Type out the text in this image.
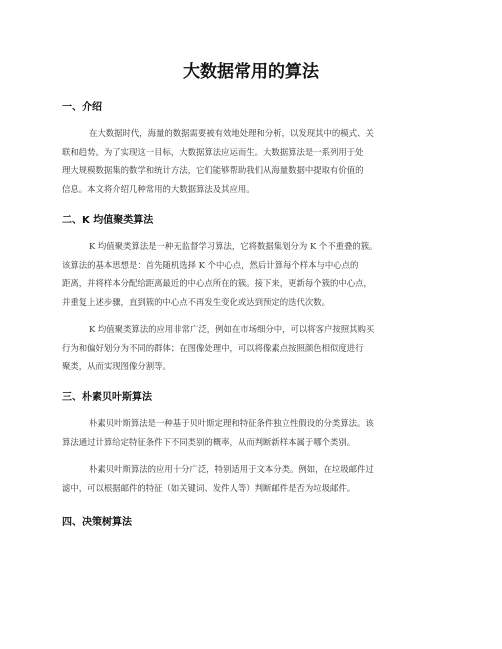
大数据常用的算法
一、介绍

在大数据时代，海量的数据需要被有效地处理和分析，以发现其中的模式、关
联和趋势。为了实现这一目标，大数据算法应运而生。大数据算法是一系列用于处
理大规模数据集的数学和统计方法，它们能够帮助我们从海量数据中提取有价值的
信息。本文将介绍几种常用的大数据算法及其应用。

二、K 均值聚类算法

K 均值聚类算法是一种无监督学习算法，它将数据集划分为 K 个不重叠的簇。
该算法的基本思想是：首先随机选择 K 个中心点，然后计算每个样本与中心点的
距离，并将样本分配给距离最近的中心点所在的簇。接下来，更新每个簇的中心点，
并重复上述步骤，直到簇的中心点不再发生变化或达到预定的迭代次数。

K 均值聚类算法的应用非常广泛，例如在市场细分中，可以将客户按照其购买
行为和偏好划分为不同的群体；在图像处理中，可以将像素点按照颜色相似度进行
聚类，从而实现图像分割等。

三、朴素贝叶斯算法

朴素贝叶斯算法是一种基于贝叶斯定理和特征条件独立性假设的分类算法。该
算法通过计算给定特征条件下不同类别的概率，从而判断新样本属于哪个类别。

朴素贝叶斯算法的应用十分广泛，特别适用于文本分类。例如，在垃圾邮件过
滤中，可以根据邮件的特征（如关键词、发件人等）判断邮件是否为垃圾邮件。

四、决策树算法
